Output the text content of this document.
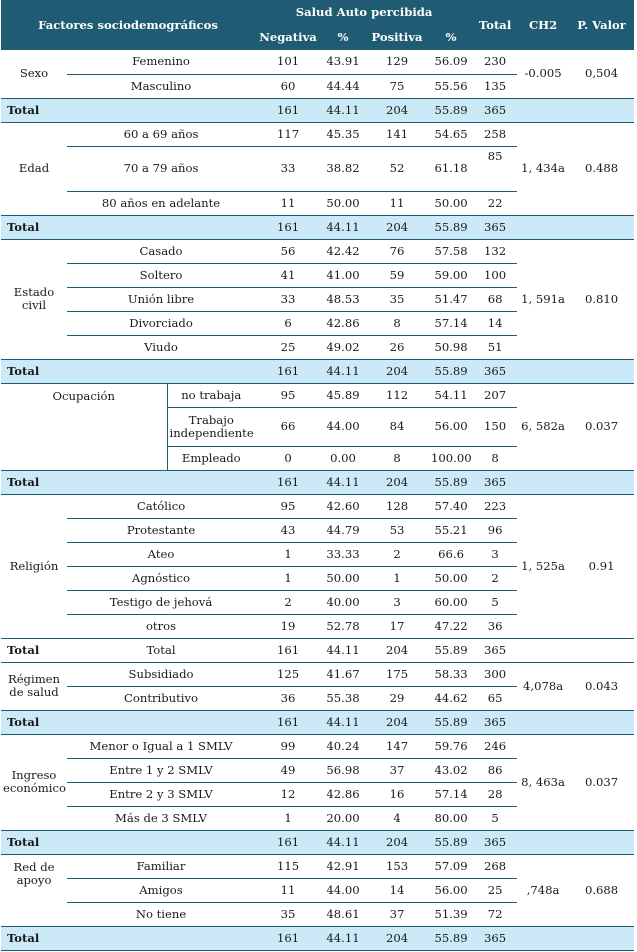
Factores sociodemográficos			Salud Auto percibida				Total	CH2	P. Valor
			Negativa	%	Positiva	%			
Sexo	Femenino		101	43.91	129	56.09	230	-0.005	0,504
	Masculino		60	44.44	75	55.56	135		
Total			161	44.11	204	55.89	365		
Edad	60 a 69 años		117	45.35	141	54.65	258	1, 434a	0.488
	70 a 79 años		33	38.82	52	61.18	85		
	80 años en adelante		11	50.00	11	50.00	22		
Total			161	44.11	204	55.89	365		
Estado civil	Casado		56	42.42	76	57.58	132	1, 591a	0.810
	Soltero		41	41.00	59	59.00	100		
	Unión libre		33	48.53	35	51.47	68		
	Divorciado		6	42.86	8	57.14	14		
	Viudo		25	49.02	26	50.98	51		
Total			161	44.11	204	55.89	365		
Ocupación		no trabaja	95	45.89	112	54.11	207	6, 582a	0.037
		Trabajo independiente	66	44.00	84	56.00	150		
		Empleado	0	0.00	8	100.00	8		
Total			161	44.11	204	55.89	365		
Religión	Católico		95	42.60	128	57.40	223	1, 525a	0.91
	Protestante		43	44.79	53	55.21	96		
	Ateo		1	33.33	2	66.6	3		
	Agnóstico		1	50.00	1	50.00	2		
	Testigo de jehová		2	40.00	3	60.00	5		
	otros		19	52.78	17	47.22	36		
Total	Total		161	44.11	204	55.89	365		
Régimen de salud	Subsidiado		125	41.67	175	58.33	300	4,078a	0.043
	Contributivo		36	55.38	29	44.62	65		
Total			161	44.11	204	55.89	365		
Ingreso económico	Menor o Igual a 1 SMLV		99	40.24	147	59.76	246	8, 463a	0.037
	Entre 1 y 2 SMLV		49	56.98	37	43.02	86		
	Entre 2 y 3 SMLV		12	42.86	16	57.14	28		
	Más de 3 SMLV		1	20.00	4	80.00	5		
Total			161	44.11	204	55.89	365		
Red de apoyo	Familiar		115	42.91	153	57.09	268	,748a	0.688
	Amigos		11	44.00	14	56.00	25		
	No tiene		35	48.61	37	51.39	72		
Total			161	44.11	204	55.89	365		
